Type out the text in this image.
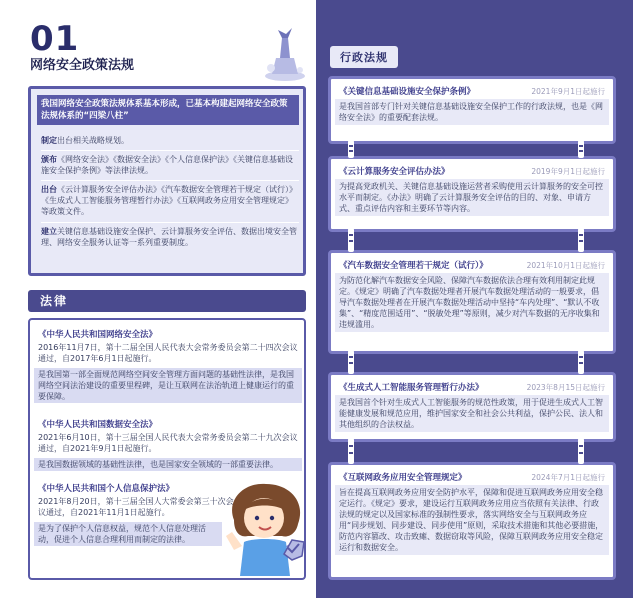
01
网络安全政策法规
我国网络安全政策法规体系基本形成，已基本构建起网络安全政策法规体系的“四梁八柱”
制定出台相关战略规划。
颁布《网络安全法》《数据安全法》《个人信息保护法》《关键信息基础设施安全保护条例》等法律法规。
出台《云计算服务安全评估办法》《汽车数据安全管理若干规定（试行）》《生成式人工智能服务管理暂行办法》《互联网政务应用安全管理规定》等政策文件。
建立关键信息基础设施安全保护、云计算服务安全评估、数据出境安全管理、网络安全服务认证等一系列重要制度。
法律
《中华人民共和国网络安全法》
2016年11月7日，第十二届全国人民代表大会常务委员会第二十四次会议通过，自2017年6月1日起施行。
是我国第一部全面规范网络空间安全管理方面问题的基础性法律，是我国网络空间法治建设的重要里程碑，是让互联网在法治轨道上健康运行的重要保障。
《中华人民共和国数据安全法》
2021年6月10日，第十三届全国人民代表大会常务委员会第二十九次会议通过，自2021年9月1日起施行。
是我国数据领域的基础性法律，也是国家安全领域的一部重要法律。
《中华人民共和国个人信息保护法》
2021年8月20日，第十三届全国人大常委会第三十次会议通过，自2021年11月1日起施行。
是为了保护个人信息权益，规范个人信息处理活动，促进个人信息合理利用而制定的法律。
行政法规
《关键信息基础设施安全保护条例》	2021年9月1日起施行
是我国首部专门针对关键信息基础设施安全保护工作的行政法规，也是《网络安全法》的重要配套法规。
《云计算服务安全评估办法》	2019年9月1日起施行
为提高党政机关、关键信息基础设施运营者采购使用云计算服务的安全可控水平而制定。《办法》明确了云计算服务安全评估的目的、对象、申请方式、重点评估内容和主要环节等内容。
《汽车数据安全管理若干规定（试行）》	2021年10月1日起施行
为防范化解汽车数据安全风险、保障汽车数据依法合理有效利用制定此规定。《规定》明确了汽车数据处理者开展汽车数据处理活动的一般要求，倡导汽车数据处理者在开展汽车数据处理活动中坚持“车内处理”、“默认不收集”、“精度范围适用”、“脱敏处理”等原则，减少对汽车数据的无序收集和违规滥用。
《生成式人工智能服务管理暂行办法》	2023年8月15日起施行
是我国首个针对生成式人工智能服务的规范性政策，用于促进生成式人工智能健康发展和规范应用，维护国家安全和社会公共利益，保护公民、法人和其他组织的合法权益。
《互联网政务应用安全管理规定》	2024年7月1日起施行
旨在提高互联网政务应用安全防护水平，保障和促进互联网政务应用安全稳定运行。《规定》要求，建设运行互联网政务应用应当依照有关法律、行政法规的规定以及国家标准的强制性要求，落实网络安全与互联网政务应用“同步规划、同步建设、同步使用”原则，采取技术措施和其他必要措施，防范内容篡改、攻击致瘫、数据窃取等风险，保障互联网政务应用安全稳定运行和数据安全。
